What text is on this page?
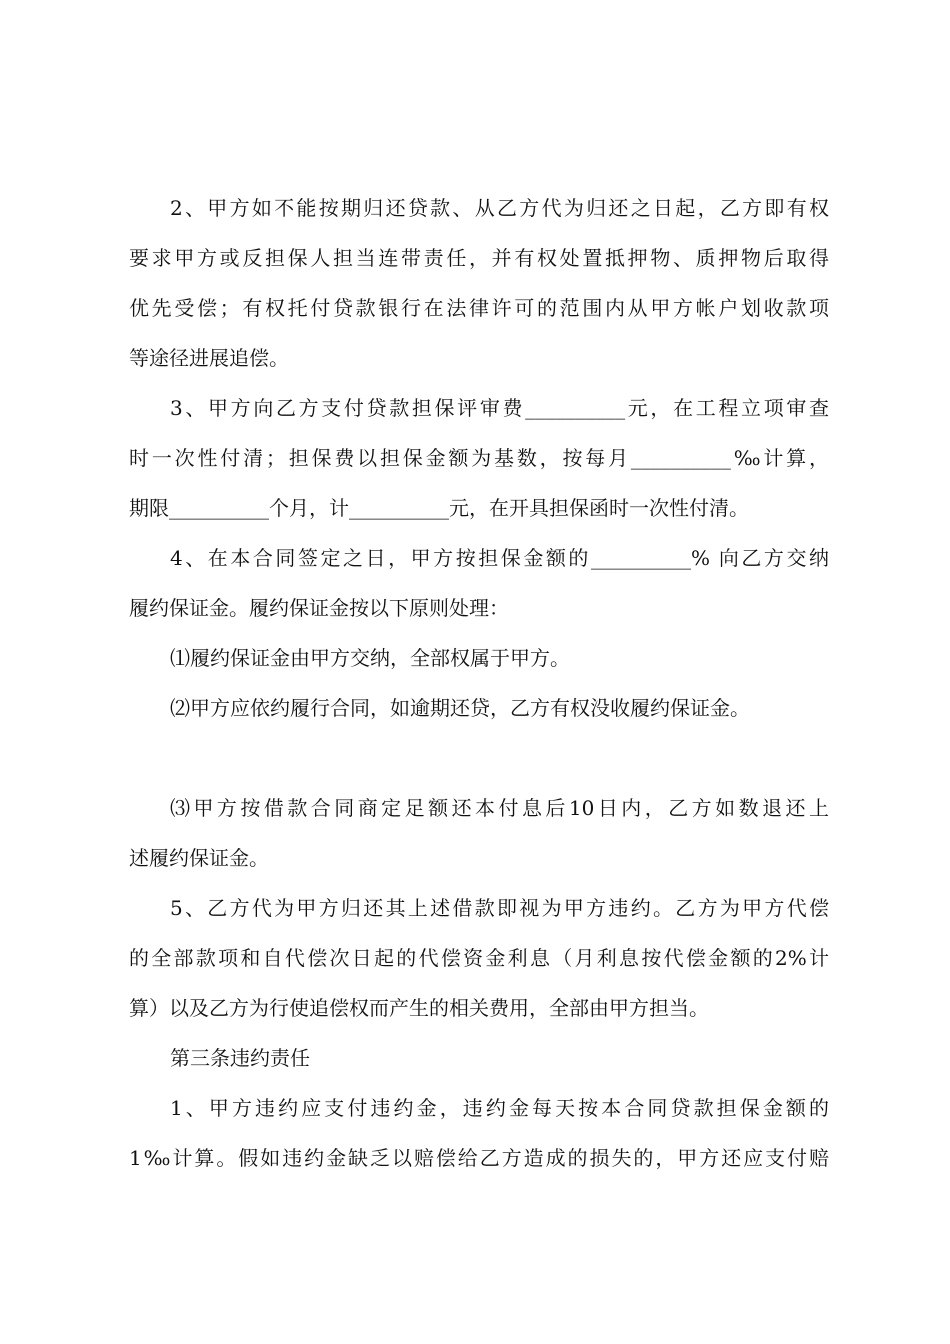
2、甲方如不能按期归还贷款、从乙方代为归还之日起，乙方即有权
要求甲方或反担保人担当连带责任，并有权处置抵押物、质押物后取得
优先受偿；有权托付贷款银行在法律许可的范围内从甲方帐户划收款项
等途径进展追偿。
3、甲方向乙方支付贷款担保评审费__________元，在工程立项审查
时一次性付清；担保费以担保金额为基数，按每月__________‰计算，
期限__________个月，计__________元，在开具担保函时一次性付清。
4、在本合同签定之日，甲方按担保金额的__________% 向乙方交纳
履约保证金。履约保证金按以下原则处理：
⑴履约保证金由甲方交纳，全部权属于甲方。
⑵甲方应依约履行合同，如逾期还贷，乙方有权没收履约保证金。
⑶甲方按借款合同商定足额还本付息后10日内，乙方如数退还上
述履约保证金。
5、乙方代为甲方归还其上述借款即视为甲方违约。乙方为甲方代偿
的全部款项和自代偿次日起的代偿资金利息（月利息按代偿金额的2%计
算）以及乙方为行使追偿权而产生的相关费用，全部由甲方担当。
第三条违约责任
1、甲方违约应支付违约金，违约金每天按本合同贷款担保金额的
1‰计算。假如违约金缺乏以赔偿给乙方造成的损失的，甲方还应支付赔
